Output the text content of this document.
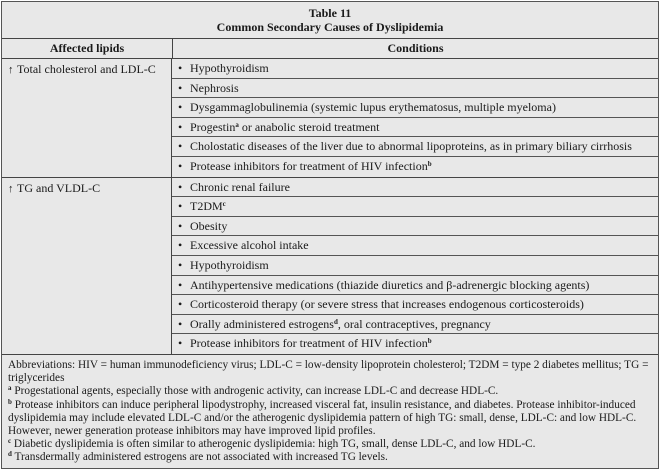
Table 11
Common Secondary Causes of Dyslipidemia
Affected lipids	Conditions
↑ Total cholesterol and LDL-C	• Hypothyroidism
• Nephrosis
• Dysgammaglobulinemia (systemic lupus erythematosus, multiple myeloma)
• Progestin$^a$ or anabolic steroid treatment
• Cholostatic diseases of the liver due to abnormal lipoproteins, as in primary biliary cirrhosis
• Protease inhibitors for treatment of HIV infection$^b$
↑ TG and VLDL-C	• Chronic renal failure
• $T2DM^c$
• Obesity
• Excessive alcohol intake
• Hypothyroidism
• Antihypertensive medications (thiazide diuretics and β-adrenergic blocking agents)
• Corticosteroid therapy (or severe stress that increases endogenous corticosteroids)
• Orally administered estrogens$^d$, oral contraceptives, pregnancy
• Protease inhibitors for treatment of HIV infection$^b$

Abbreviations: HIV = human immunodeficiency virus; LDL-C = low-density lipoprotein cholesterol; T2DM = type 2 diabetes mellitus; TG = triglycerides

$^a$ Progestational agents, especially those with androgenic activity, can increase LDL-C and decrease HDL-C.

$^b$ Protease inhibitors can induce peripheral lipodystrophy, increased visceral fat, insulin resistance, and diabetes. Protease inhibitor-induced dyslipidemia may include elevated LDL-C and/or the atherogenic dyslipidemia pattern of high TG: small, dense, LDL-C: and low HDL-C. However, newer generation protease inhibitors may have improved lipid profiles.

$^c$ Diabetic dyslipidemia is often similar to atherogenic dyslipidemia: high TG, small, dense LDL-C, and low HDL-C.

$^d$ Transdermally administered estrogens are not associated with increased TG levels.
